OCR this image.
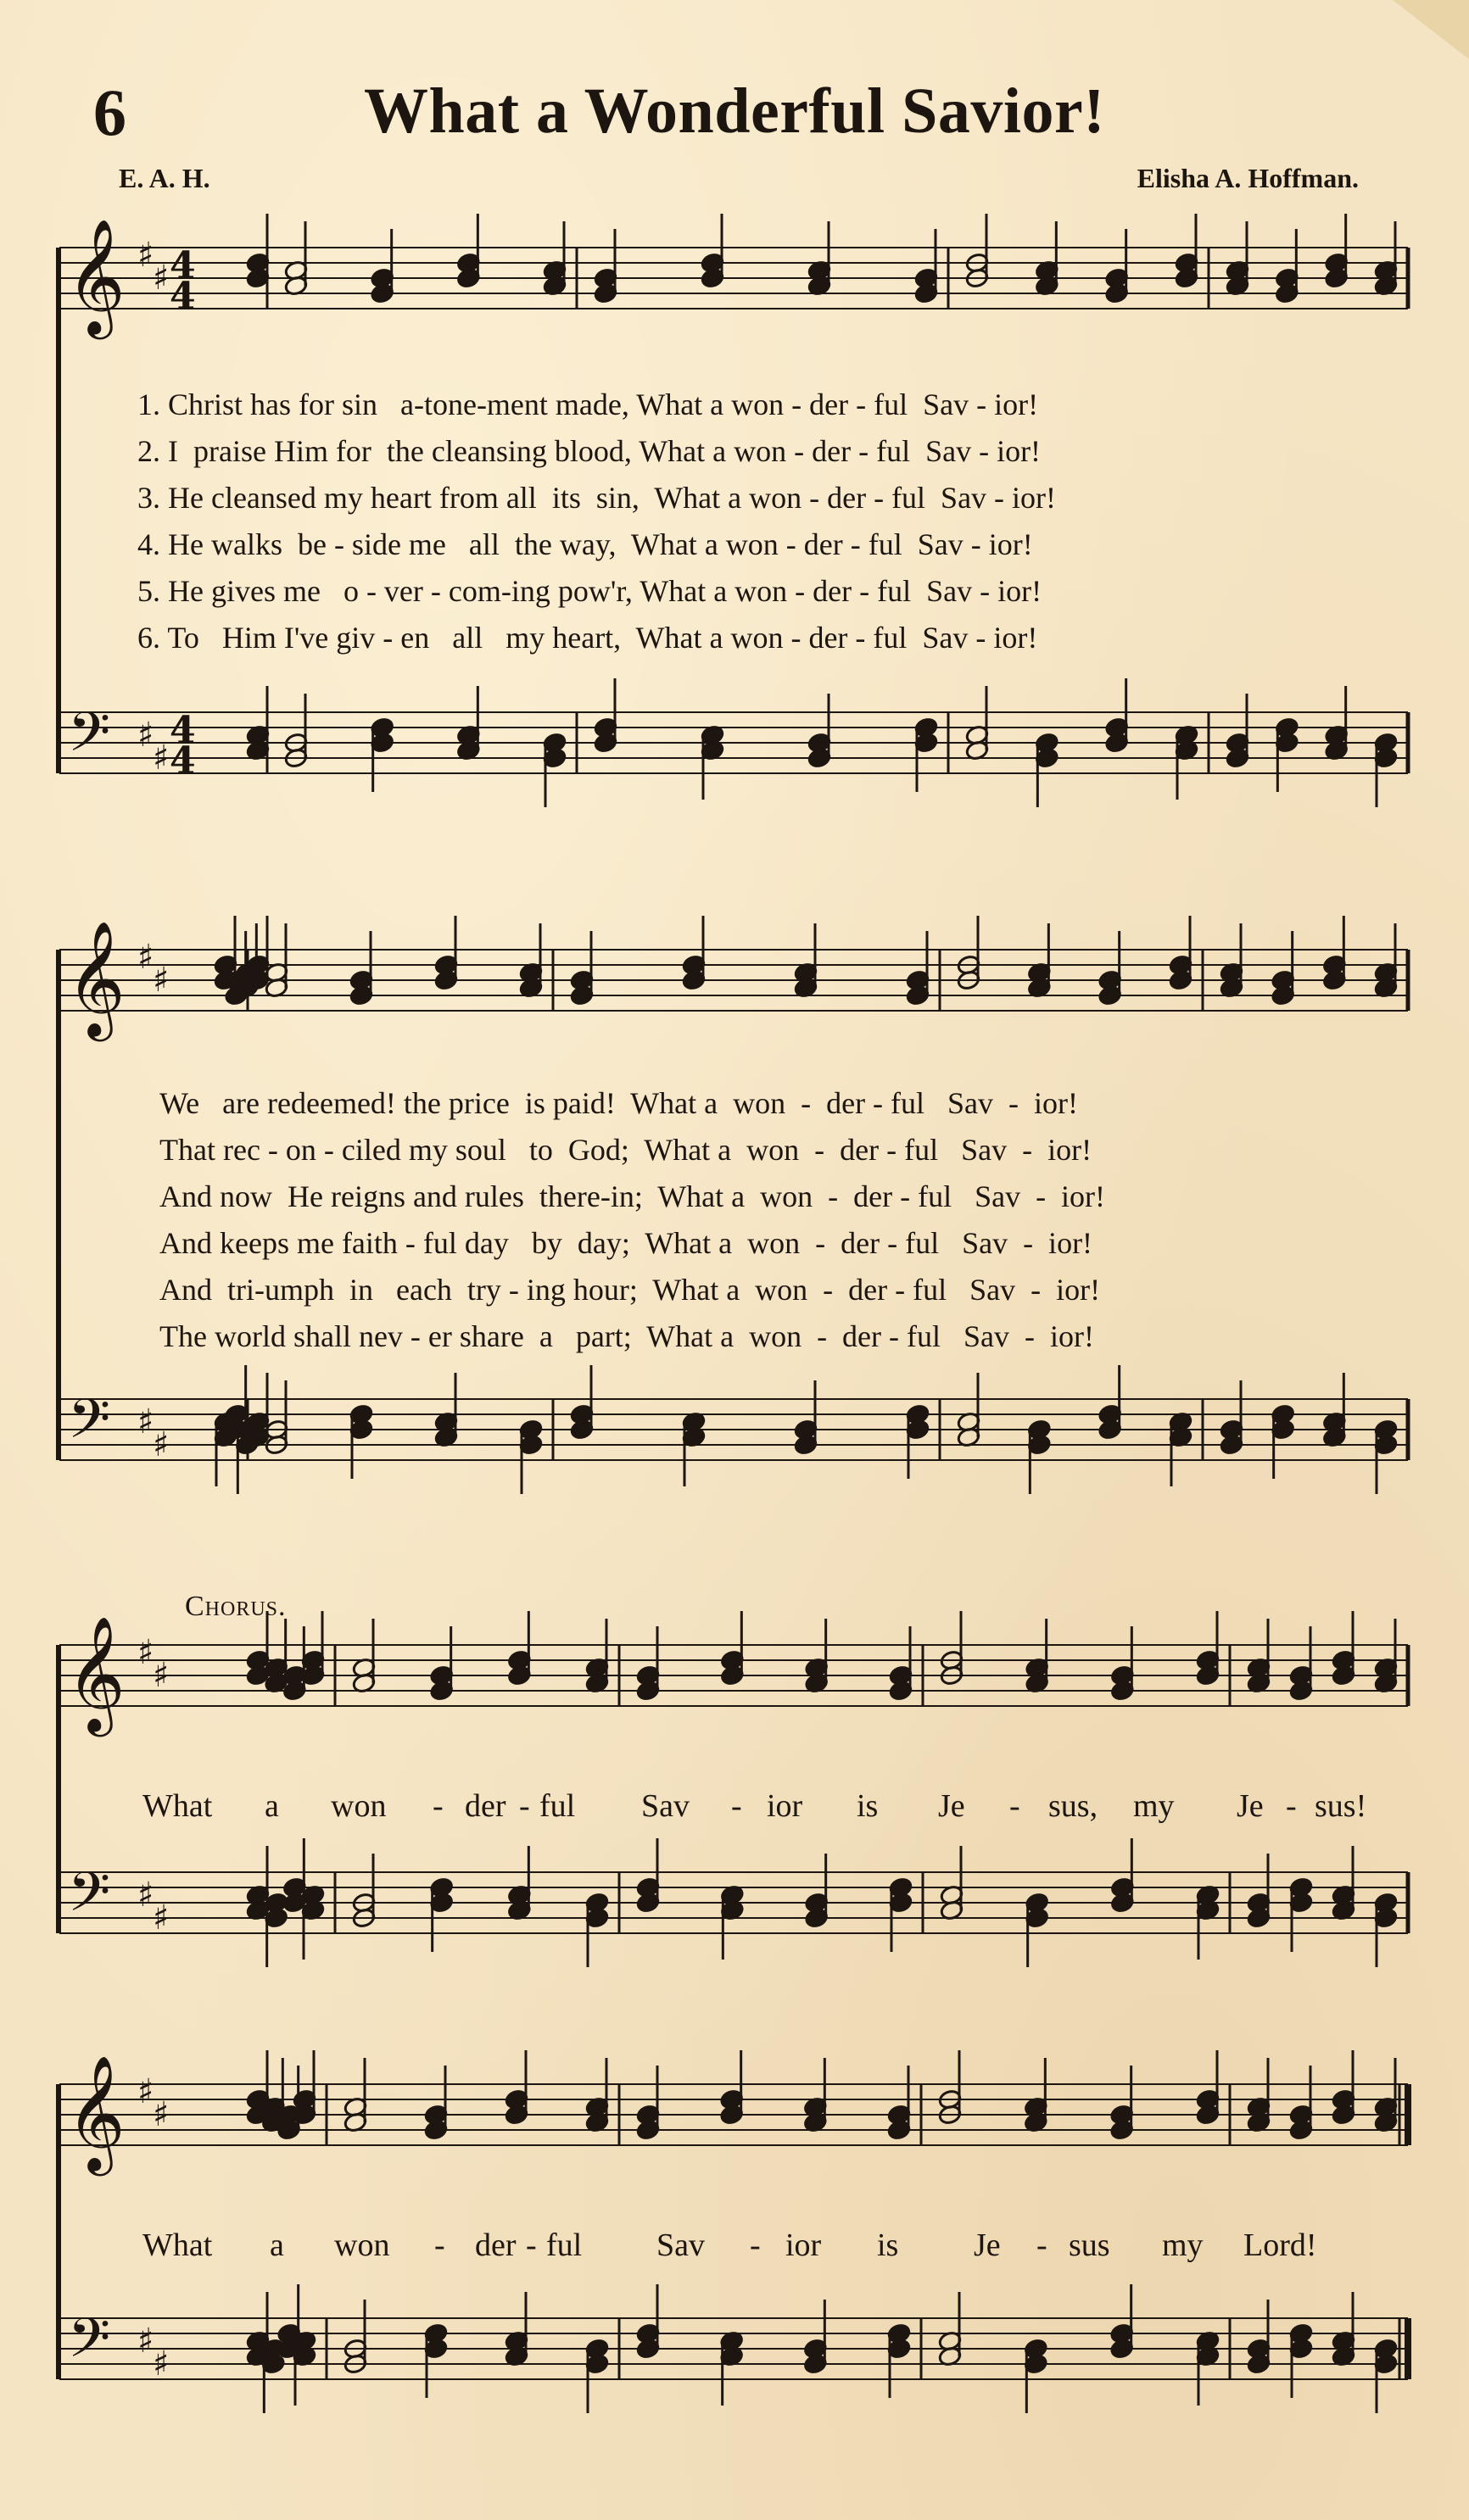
6	What a Wonderful Savior!
E. A. H.	Elisha A. Hoffman.
𝄞
𝄢
♯
♯
♯
♯
4
4
4
4
𝄞
𝄢
♯
♯
♯
♯
𝄞
𝄢
♯
♯
♯
♯
𝄞
𝄢
♯
♯
♯
♯
1. Christ has for sin   a-tone-ment made, What a won - der - ful  Sav - ior!
2. I  praise Him for  the cleansing blood, What a won - der - ful  Sav - ior!
3. He cleansed my heart from all  its  sin,  What a won - der - ful  Sav - ior!
4. He walks  be - side me   all  the way,  What a won - der - ful  Sav - ior!
5. He gives me   o - ver - com-ing pow'r, What a won - der - ful  Sav - ior!
6. To   Him I've giv - en   all   my heart,  What a won - der - ful  Sav - ior!
We   are redeemed! the price  is paid!  What a  won  -  der - ful   Sav  -  ior!
That rec - on - ciled my soul   to  God;  What a  won  -  der - ful   Sav  -  ior!
And now  He reigns and rules  there-in;  What a  won  -  der - ful   Sav  -  ior!
And keeps me faith - ful day   by  day;  What a  won  -  der - ful   Sav  -  ior!
And  tri-umph  in   each  try - ing hour;  What a  won  -  der - ful   Sav  -  ior!
The world shall nev - er share  a   part;  What a  won  -  der - ful   Sav  -  ior!
Chorus.
What a won - der - ful Sav - ior is Je - sus, my Je - sus!
What a won - der - ful Sav - ior is Je - sus my Lord!
